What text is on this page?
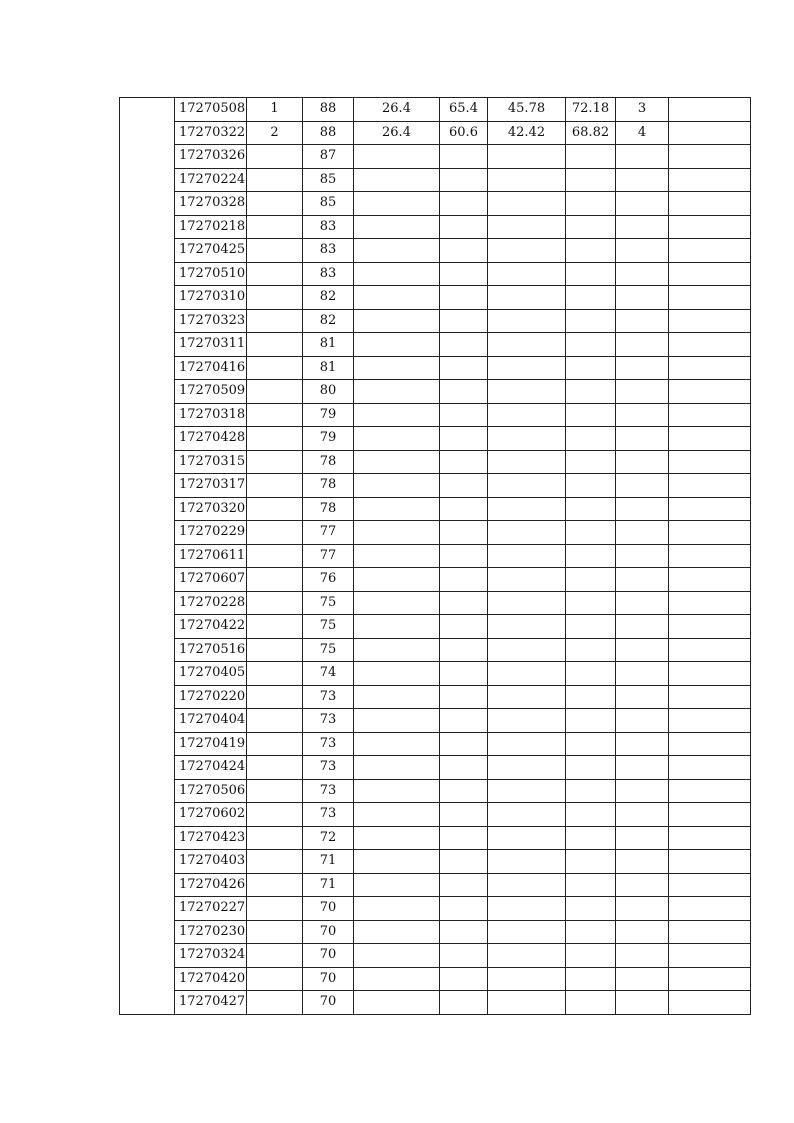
	17270508	1	88	26.4	65.4	45.78	72.18	3	
	17270322	2	88	26.4	60.6	42.42	68.82	4	
	17270326		87						
	17270224		85						
	17270328		85						
	17270218		83						
	17270425		83						
	17270510		83						
	17270310		82						
	17270323		82						
	17270311		81						
	17270416		81						
	17270509		80						
	17270318		79						
	17270428		79						
	17270315		78						
	17270317		78						
	17270320		78						
	17270229		77						
	17270611		77						
	17270607		76						
	17270228		75						
	17270422		75						
	17270516		75						
	17270405		74						
	17270220		73						
	17270404		73						
	17270419		73						
	17270424		73						
	17270506		73						
	17270602		73						
	17270423		72						
	17270403		71						
	17270426		71						
	17270227		70						
	17270230		70						
	17270324		70						
	17270420		70						
	17270427		70						
